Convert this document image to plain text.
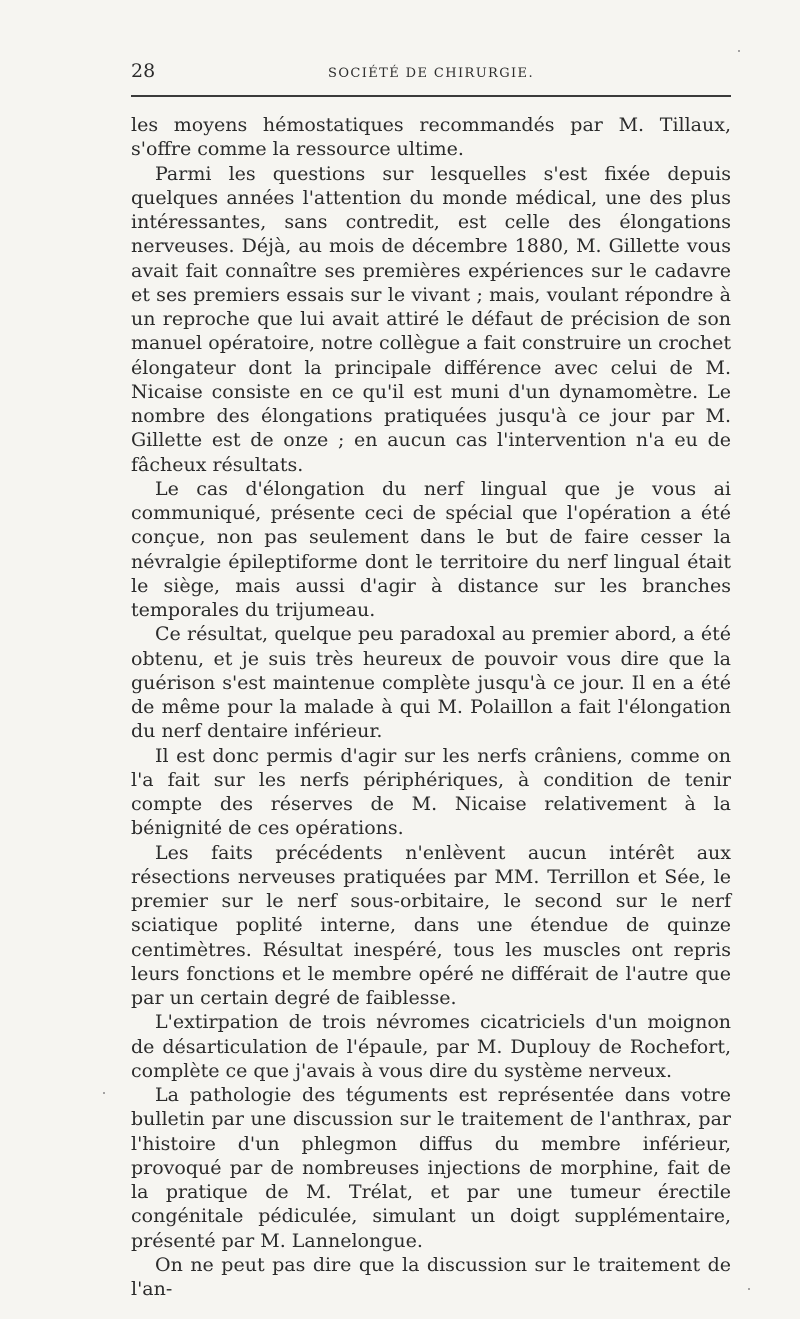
28	SOCIÉTÉ DE CHIRURGIE.

les moyens hémostatiques recommandés par M. Tillaux, s'offre comme la ressource ultime.

Parmi les questions sur lesquelles s'est fixée depuis quelques années l'attention du monde médical, une des plus intéressantes, sans contredit, est celle des élongations nerveuses. Déjà, au mois de décembre 1880, M. Gillette vous avait fait connaître ses premières expériences sur le cadavre et ses premiers essais sur le vivant ; mais, voulant répondre à un reproche que lui avait attiré le défaut de précision de son manuel opératoire, notre collègue a fait construire un crochet élongateur dont la principale différence avec celui de M. Nicaise consiste en ce qu'il est muni d'un dynamomètre. Le nombre des élongations pratiquées jusqu'à ce jour par M. Gillette est de onze ; en aucun cas l'intervention n'a eu de fâcheux résultats.

Le cas d'élongation du nerf lingual que je vous ai communiqué, présente ceci de spécial que l'opération a été conçue, non pas seulement dans le but de faire cesser la névralgie épileptiforme dont le territoire du nerf lingual était le siège, mais aussi d'agir à distance sur les branches temporales du trijumeau.

Ce résultat, quelque peu paradoxal au premier abord, a été obtenu, et je suis très heureux de pouvoir vous dire que la guérison s'est maintenue complète jusqu'à ce jour. Il en a été de même pour la malade à qui M. Polaillon a fait l'élongation du nerf dentaire inférieur.

Il est donc permis d'agir sur les nerfs crâniens, comme on l'a fait sur les nerfs périphériques, à condition de tenir compte des réserves de M. Nicaise relativement à la bénignité de ces opérations.

Les faits précédents n'enlèvent aucun intérêt aux résections nerveuses pratiquées par MM. Terrillon et Sée, le premier sur le nerf sous-orbitaire, le second sur le nerf sciatique poplité interne, dans une étendue de quinze centimètres. Résultat inespéré, tous les muscles ont repris leurs fonctions et le membre opéré ne différait de l'autre que par un certain degré de faiblesse.

L'extirpation de trois névromes cicatriciels d'un moignon de désarticulation de l'épaule, par M. Duplouy de Rochefort, complète ce que j'avais à vous dire du système nerveux.

La pathologie des téguments est représentée dans votre bulletin par une discussion sur le traitement de l'anthrax, par l'histoire d'un phlegmon diffus du membre inférieur, provoqué par de nombreuses injections de morphine, fait de la pratique de M. Trélat, et par une tumeur érectile congénitale pédiculée, simulant un doigt supplémentaire, présenté par M. Lannelongue.

On ne peut pas dire que la discussion sur le traitement de l'an-
